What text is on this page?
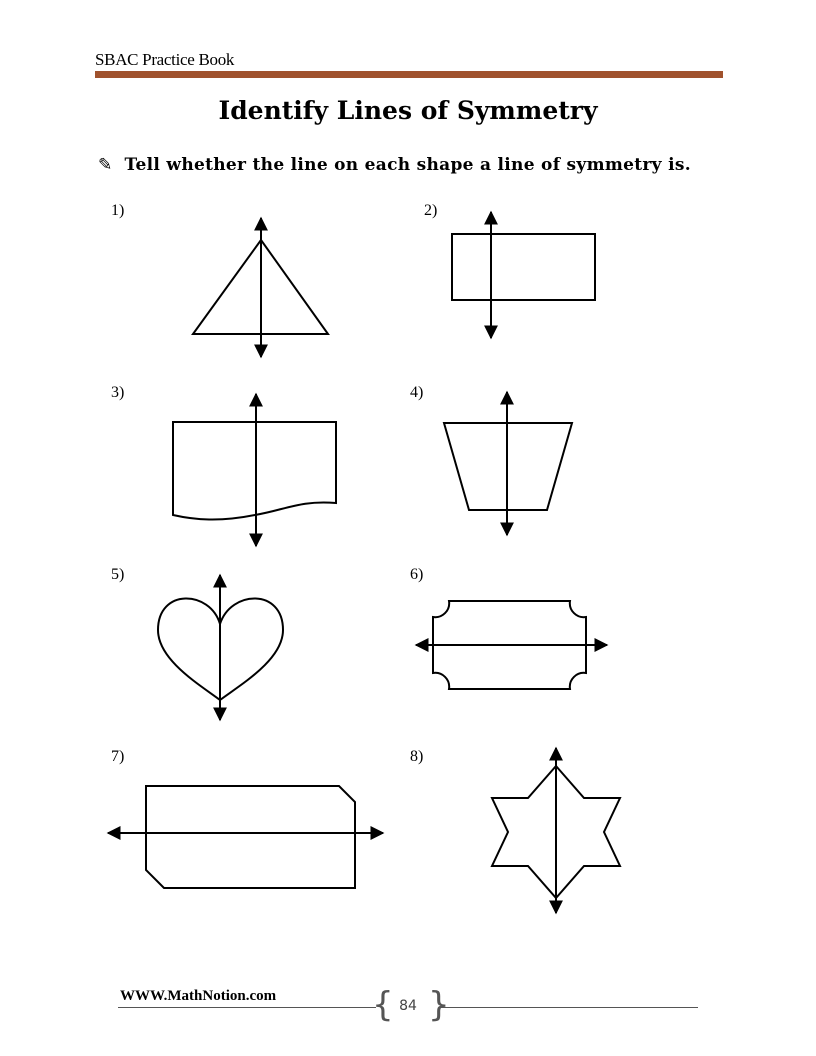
SBAC Practice Book
Identify Lines of Symmetry
✎ Tell whether the line on each shape a line of symmetry is.
1)	2)
3)	4)
5)	6)
7)	8)
WWW.MathNotion.com	{ }
84
